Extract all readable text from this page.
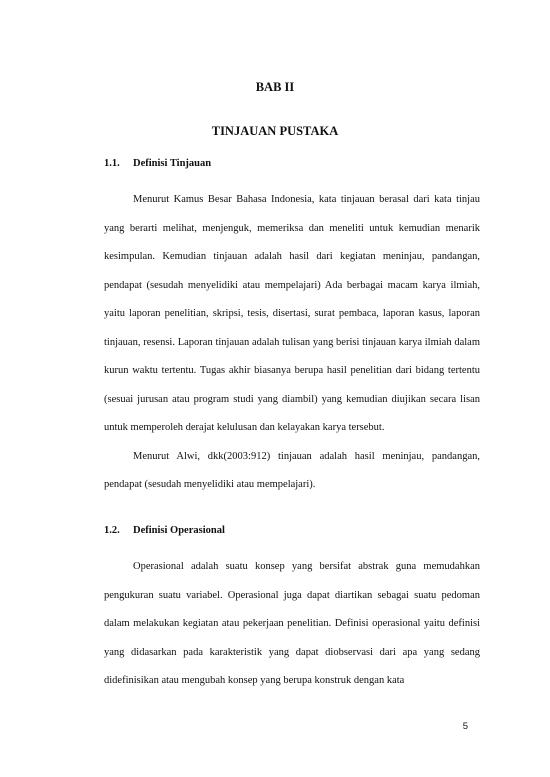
BAB II
TINJAUAN PUSTAKA
1.1. Definisi Tinjauan

Menurut Kamus Besar Bahasa Indonesia, kata tinjauan berasal dari kata tinjau yang berarti melihat, menjenguk, memeriksa dan meneliti untuk kemudian menarik kesimpulan. Kemudian tinjauan adalah hasil dari kegiatan meninjau, pandangan, pendapat (sesudah menyelidiki atau mempelajari) Ada berbagai macam karya ilmiah, yaitu laporan penelitian, skripsi, tesis, disertasi, surat pembaca, laporan kasus, laporan tinjauan, resensi. Laporan tinjauan adalah tulisan yang berisi tinjauan karya ilmiah dalam kurun waktu tertentu. Tugas akhir biasanya berupa hasil penelitian dari bidang tertentu (sesuai jurusan atau program studi yang diambil) yang kemudian diujikan secara lisan untuk memperoleh derajat kelulusan dan kelayakan karya tersebut.

Menurut Alwi, dkk(2003:912) tinjauan adalah hasil meninjau, pandangan, pendapat (sesudah menyelidiki atau mempelajari).

1.2. Definisi Operasional

Operasional adalah suatu konsep yang bersifat abstrak guna memudahkan pengukuran suatu variabel. Operasional juga dapat diartikan sebagai suatu pedoman dalam melakukan kegiatan atau pekerjaan penelitian. Definisi operasional yaitu definisi yang didasarkan pada karakteristik yang dapat diobservasi dari apa yang sedang didefinisikan atau mengubah konsep yang berupa konstruk dengan kata

5
